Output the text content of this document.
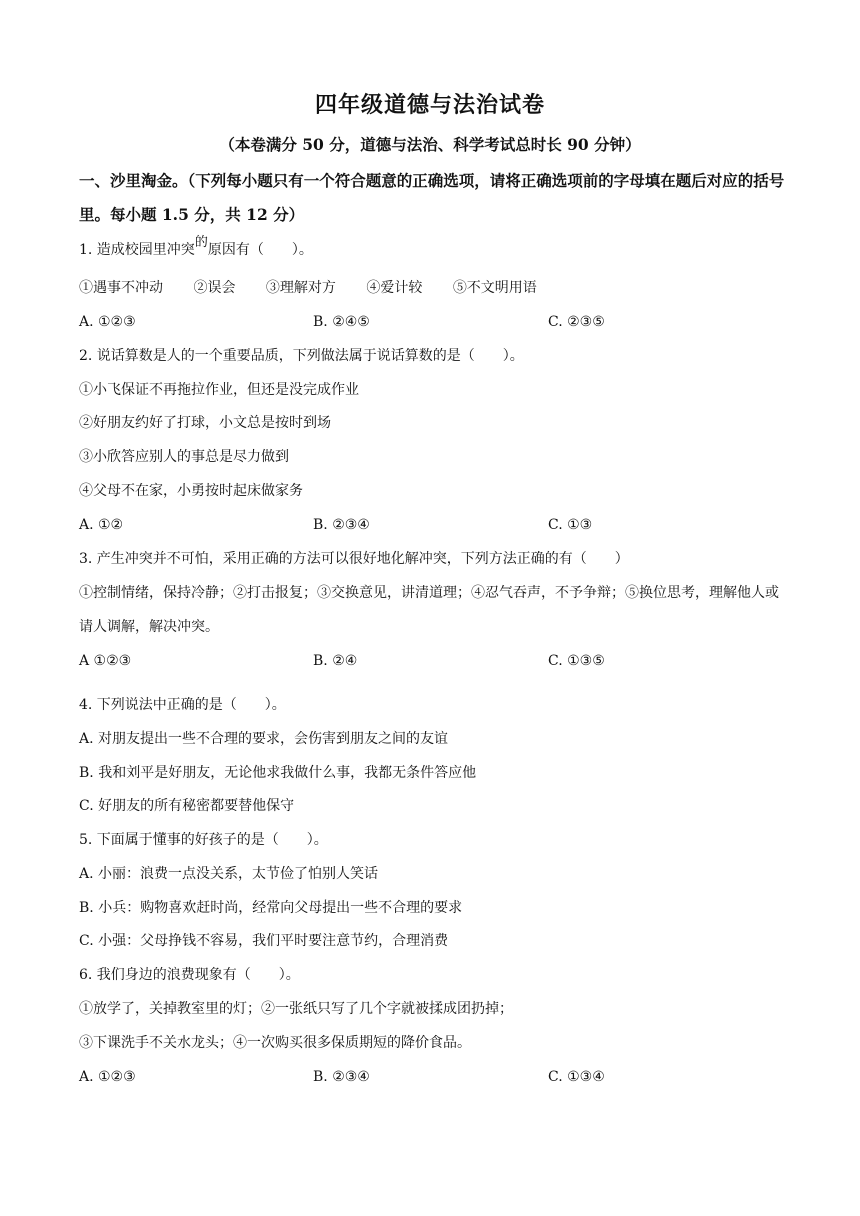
四年级道德与法治试卷
（本卷满分 50 分，道德与法治、科学考试总时长 90 分钟）
一、沙里淘金。（下列每小题只有一个符合题意的正确选项，请将正确选项前的字母填在题后对应的括号里。每小题 1.5 分，共 12 分）
1. 造成校园里冲突的原因有（　　）。
①遇事不冲动 ②误会 ③理解对方 ④爱计较 ⑤不文明用语
A. ①②③	B. ②④⑤	C. ②③⑤
2. 说话算数是人的一个重要品质，下列做法属于说话算数的是（　　）。
①小飞保证不再拖拉作业，但还是没完成作业
②好朋友约好了打球，小文总是按时到场
③小欣答应别人的事总是尽力做到
④父母不在家，小勇按时起床做家务
A. ①②	B. ②③④	C. ①③
3. 产生冲突并不可怕，采用正确的方法可以很好地化解冲突，下列方法正确的有（　　）
①控制情绪，保持冷静；②打击报复；③交换意见，讲清道理；④忍气吞声，不予争辩；⑤换位思考，理解他人或请人调解，解决冲突。
A ①②③	B. ②④	C. ①③⑤
4. 下列说法中正确的是（　　）。
A. 对朋友提出一些不合理的要求，会伤害到朋友之间的友谊
B. 我和刘平是好朋友，无论他求我做什么事，我都无条件答应他
C. 好朋友的所有秘密都要替他保守
5. 下面属于懂事的好孩子的是（　　）。
A. 小丽：浪费一点没关系，太节俭了怕别人笑话
B. 小兵：购物喜欢赶时尚，经常向父母提出一些不合理的要求
C. 小强：父母挣钱不容易，我们平时要注意节约，合理消费
6. 我们身边的浪费现象有（　　）。
①放学了，关掉教室里的灯；②一张纸只写了几个字就被揉成团扔掉；
③下课洗手不关水龙头；④一次购买很多保质期短的降价食品。
A. ①②③	B. ②③④	C. ①③④
